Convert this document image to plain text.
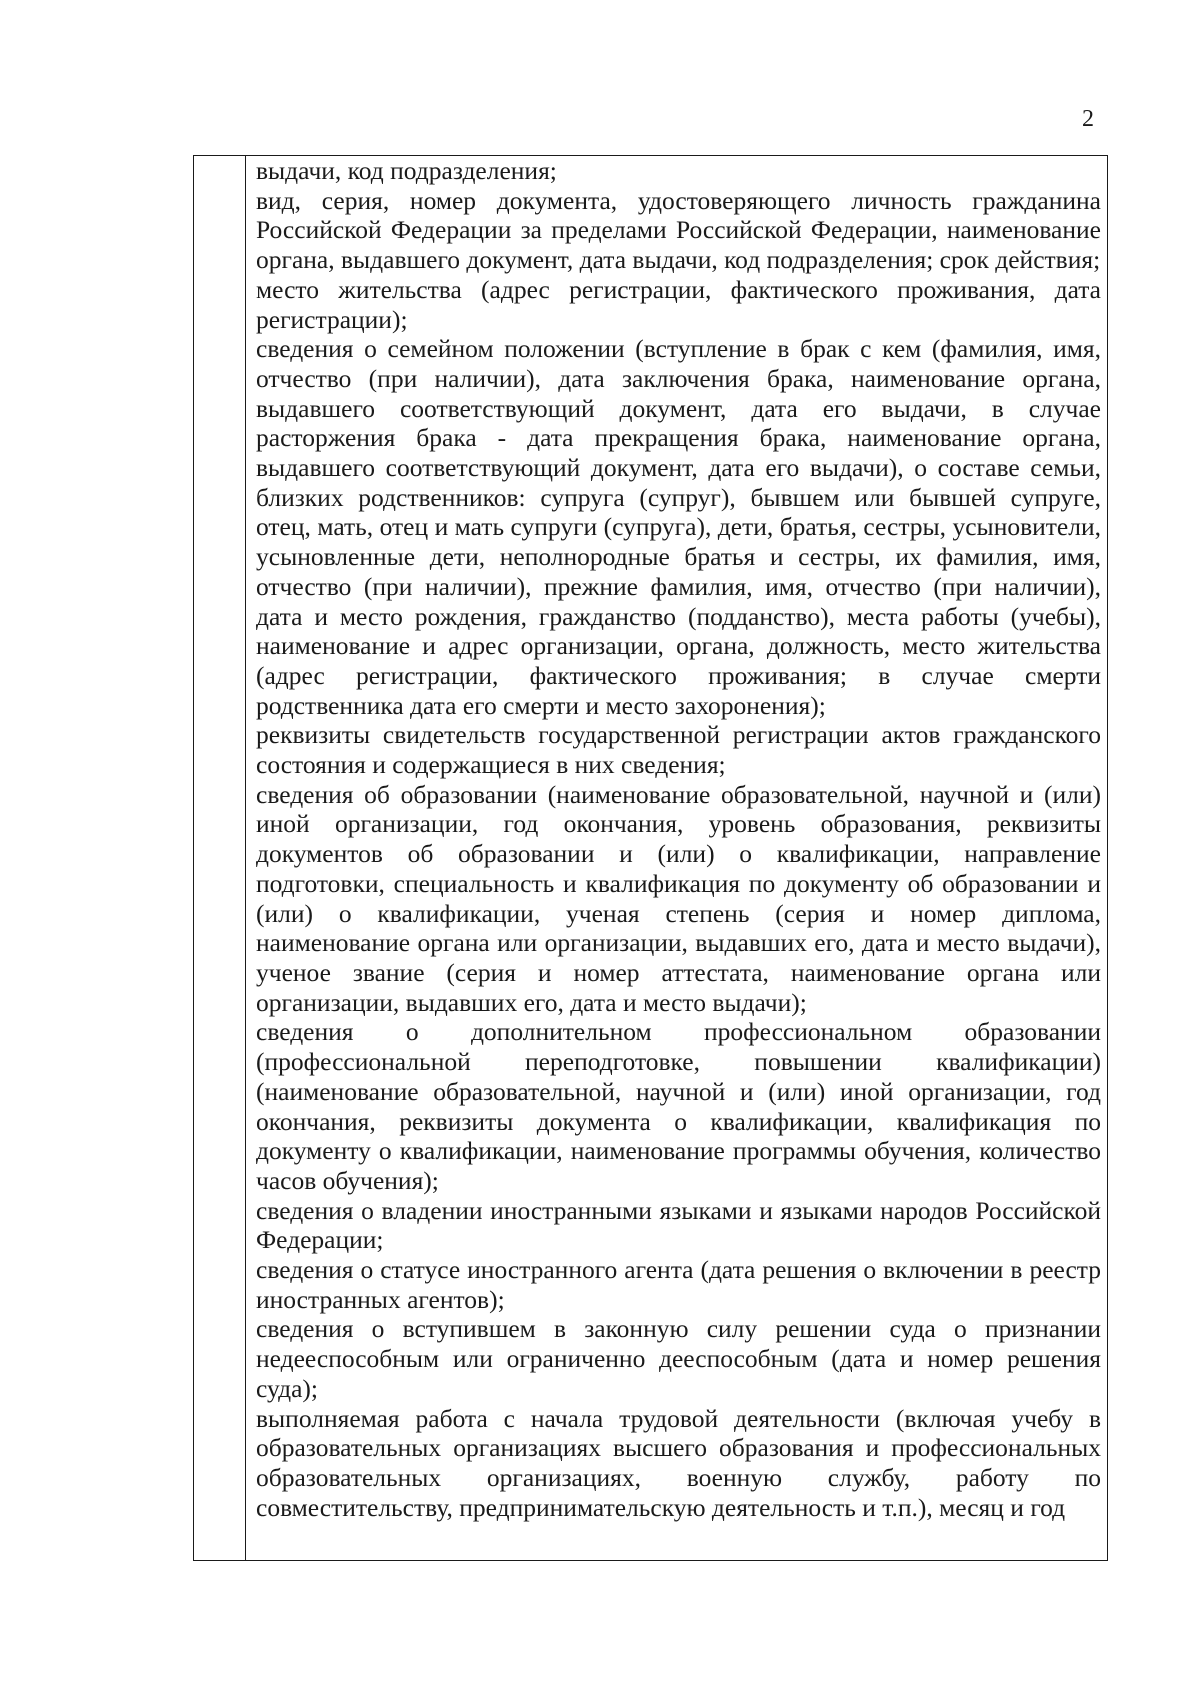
2

выдачи, код подразделения;

вид, серия, номер документа, удостоверяющего личность гражданина Российской Федерации за пределами Российской Федерации, наименование органа, выдавшего документ, дата выдачи, код подразделения; срок действия;

место жительства (адрес регистрации, фактического проживания, дата регистрации);

сведения о семейном положении (вступление в брак с кем (фамилия, имя, отчество (при наличии), дата заключения брака, наименование органа, выдавшего соответствующий документ, дата его выдачи, в случае расторжения брака - дата прекращения брака, наименование органа, выдавшего соответствующий документ, дата его выдачи), о составе семьи, близких родственников: супруга (супруг), бывшем или бывшей супруге, отец, мать, отец и мать супруги (супруга), дети, братья, сестры, усыновители, усыновленные дети, неполнородные братья и сестры, их фамилия, имя, отчество (при наличии), прежние фамилия, имя, отчество (при наличии), дата и место рождения, гражданство (подданство), места работы (учебы), наименование и адрес организации, органа, должность, место жительства (адрес регистрации, фактического проживания; в случае смерти родственника дата его смерти и место захоронения);

реквизиты свидетельств государственной регистрации актов гражданского состояния и содержащиеся в них сведения;

сведения об образовании (наименование образовательной, научной и (или) иной организации, год окончания, уровень образования, реквизиты документов об образовании и (или) о квалификации, направление подготовки, специальность и квалификация по документу об образовании и (или) о квалификации, ученая степень (серия и номер диплома, наименование органа или организации, выдавших его, дата и место выдачи), ученое звание (серия и номер аттестата, наименование органа или организации, выдавших его, дата и место выдачи);

сведения о дополнительном профессиональном образовании (профессиональной переподготовке, повышении квалификации) (наименование образовательной, научной и (или) иной организации, год окончания, реквизиты документа о квалификации, квалификация по документу о квалификации, наименование программы обучения, количество часов обучения);

сведения о владении иностранными языками и языками народов Российской Федерации;

сведения о статусе иностранного агента (дата решения о включении в реестр иностранных агентов);

сведения о вступившем в законную силу решении суда о признании недееспособным или ограниченно дееспособным (дата и номер решения суда);

выполняемая работа с начала трудовой деятельности (включая учебу в образовательных организациях высшего образования и профессиональных образовательных организациях, военную службу, работу по совместительству, предпринимательскую деятельность и т.п.), месяц и год
